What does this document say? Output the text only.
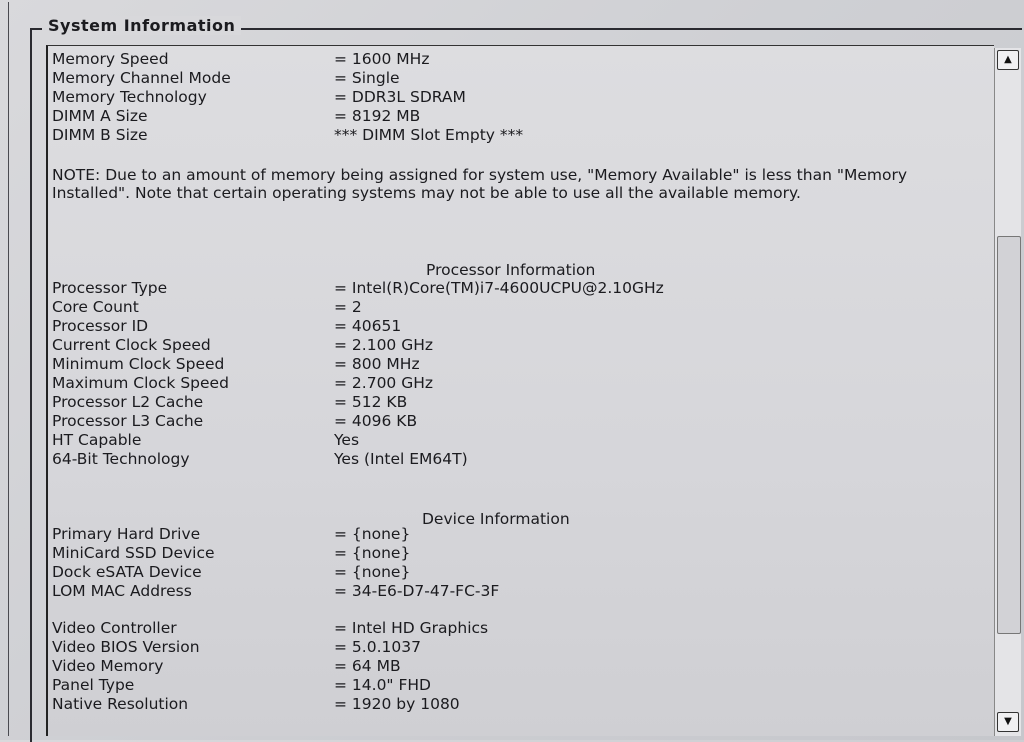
System Information
Memory Speed	= 1600 MHz
Memory Channel Mode	= Single
Memory Technology	= DDR3L SDRAM
DIMM A Size	= 8192 MB
DIMM B Size	*** DIMM Slot Empty ***
NOTE: Due to an amount of memory being assigned for system use, "Memory Available" is less than "Memory Installed". Note that certain operating systems may not be able to use all the available memory.
Processor Information
Processor Type	= Intel(R)Core(TM)i7-4600UCPU@2.10GHz
Core Count	= 2
Processor ID	= 40651
Current Clock Speed	= 2.100 GHz
Minimum Clock Speed	= 800 MHz
Maximum Clock Speed	= 2.700 GHz
Processor L2 Cache	= 512 KB
Processor L3 Cache	= 4096 KB
HT Capable	Yes
64-Bit Technology	Yes (Intel EM64T)
Device Information
Primary Hard Drive	= {none}
MiniCard SSD Device	= {none}
Dock eSATA Device	= {none}
LOM MAC Address	= 34-E6-D7-47-FC-3F
Video Controller	= Intel HD Graphics
Video BIOS Version	= 5.0.1037
Video Memory	= 64 MB
Panel Type	= 14.0" FHD
Native Resolution	= 1920 by 1080
▲
▼
